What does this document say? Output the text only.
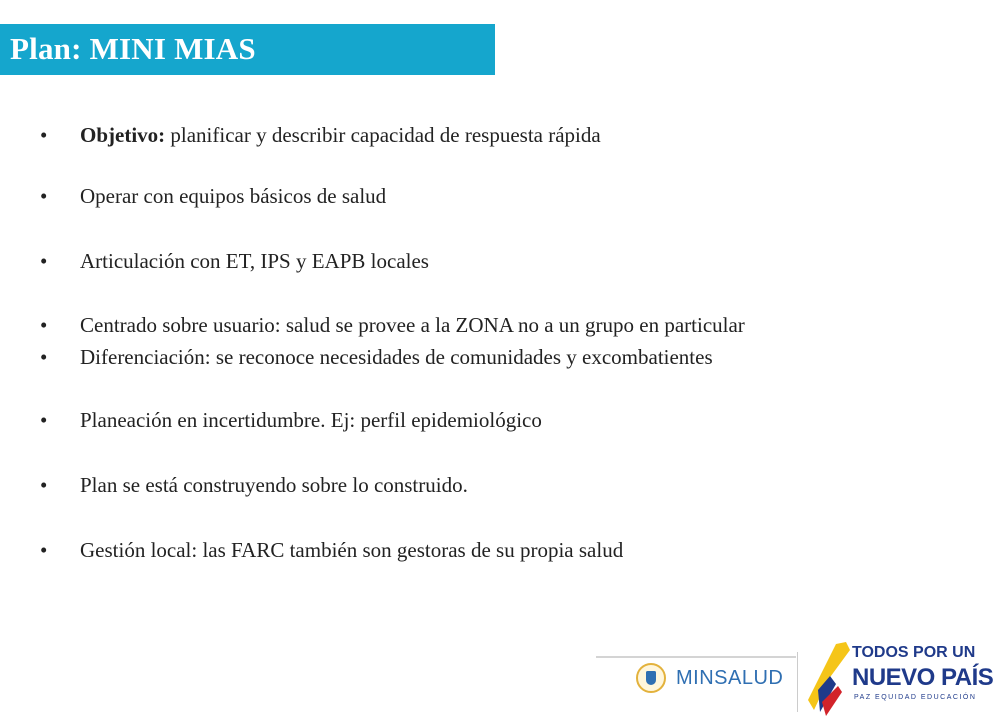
Plan: MINI MIAS
• Objetivo: planificar y describir capacidad de respuesta rápida
• Operar con equipos básicos de salud
• Articulación con ET, IPS y EAPB locales
• Centrado sobre usuario: salud se provee a la ZONA no a un grupo en particular
• Diferenciación: se reconoce necesidades de comunidades y excombatientes
• Planeación en incertidumbre. Ej: perfil epidemiológico
• Plan se está construyendo sobre lo construido.
• Gestión local: las FARC también son gestoras de su propia salud
MINSALUD
TODOS POR UN
NUEVO PAÍS
PAZ EQUIDAD EDUCACIÓN
